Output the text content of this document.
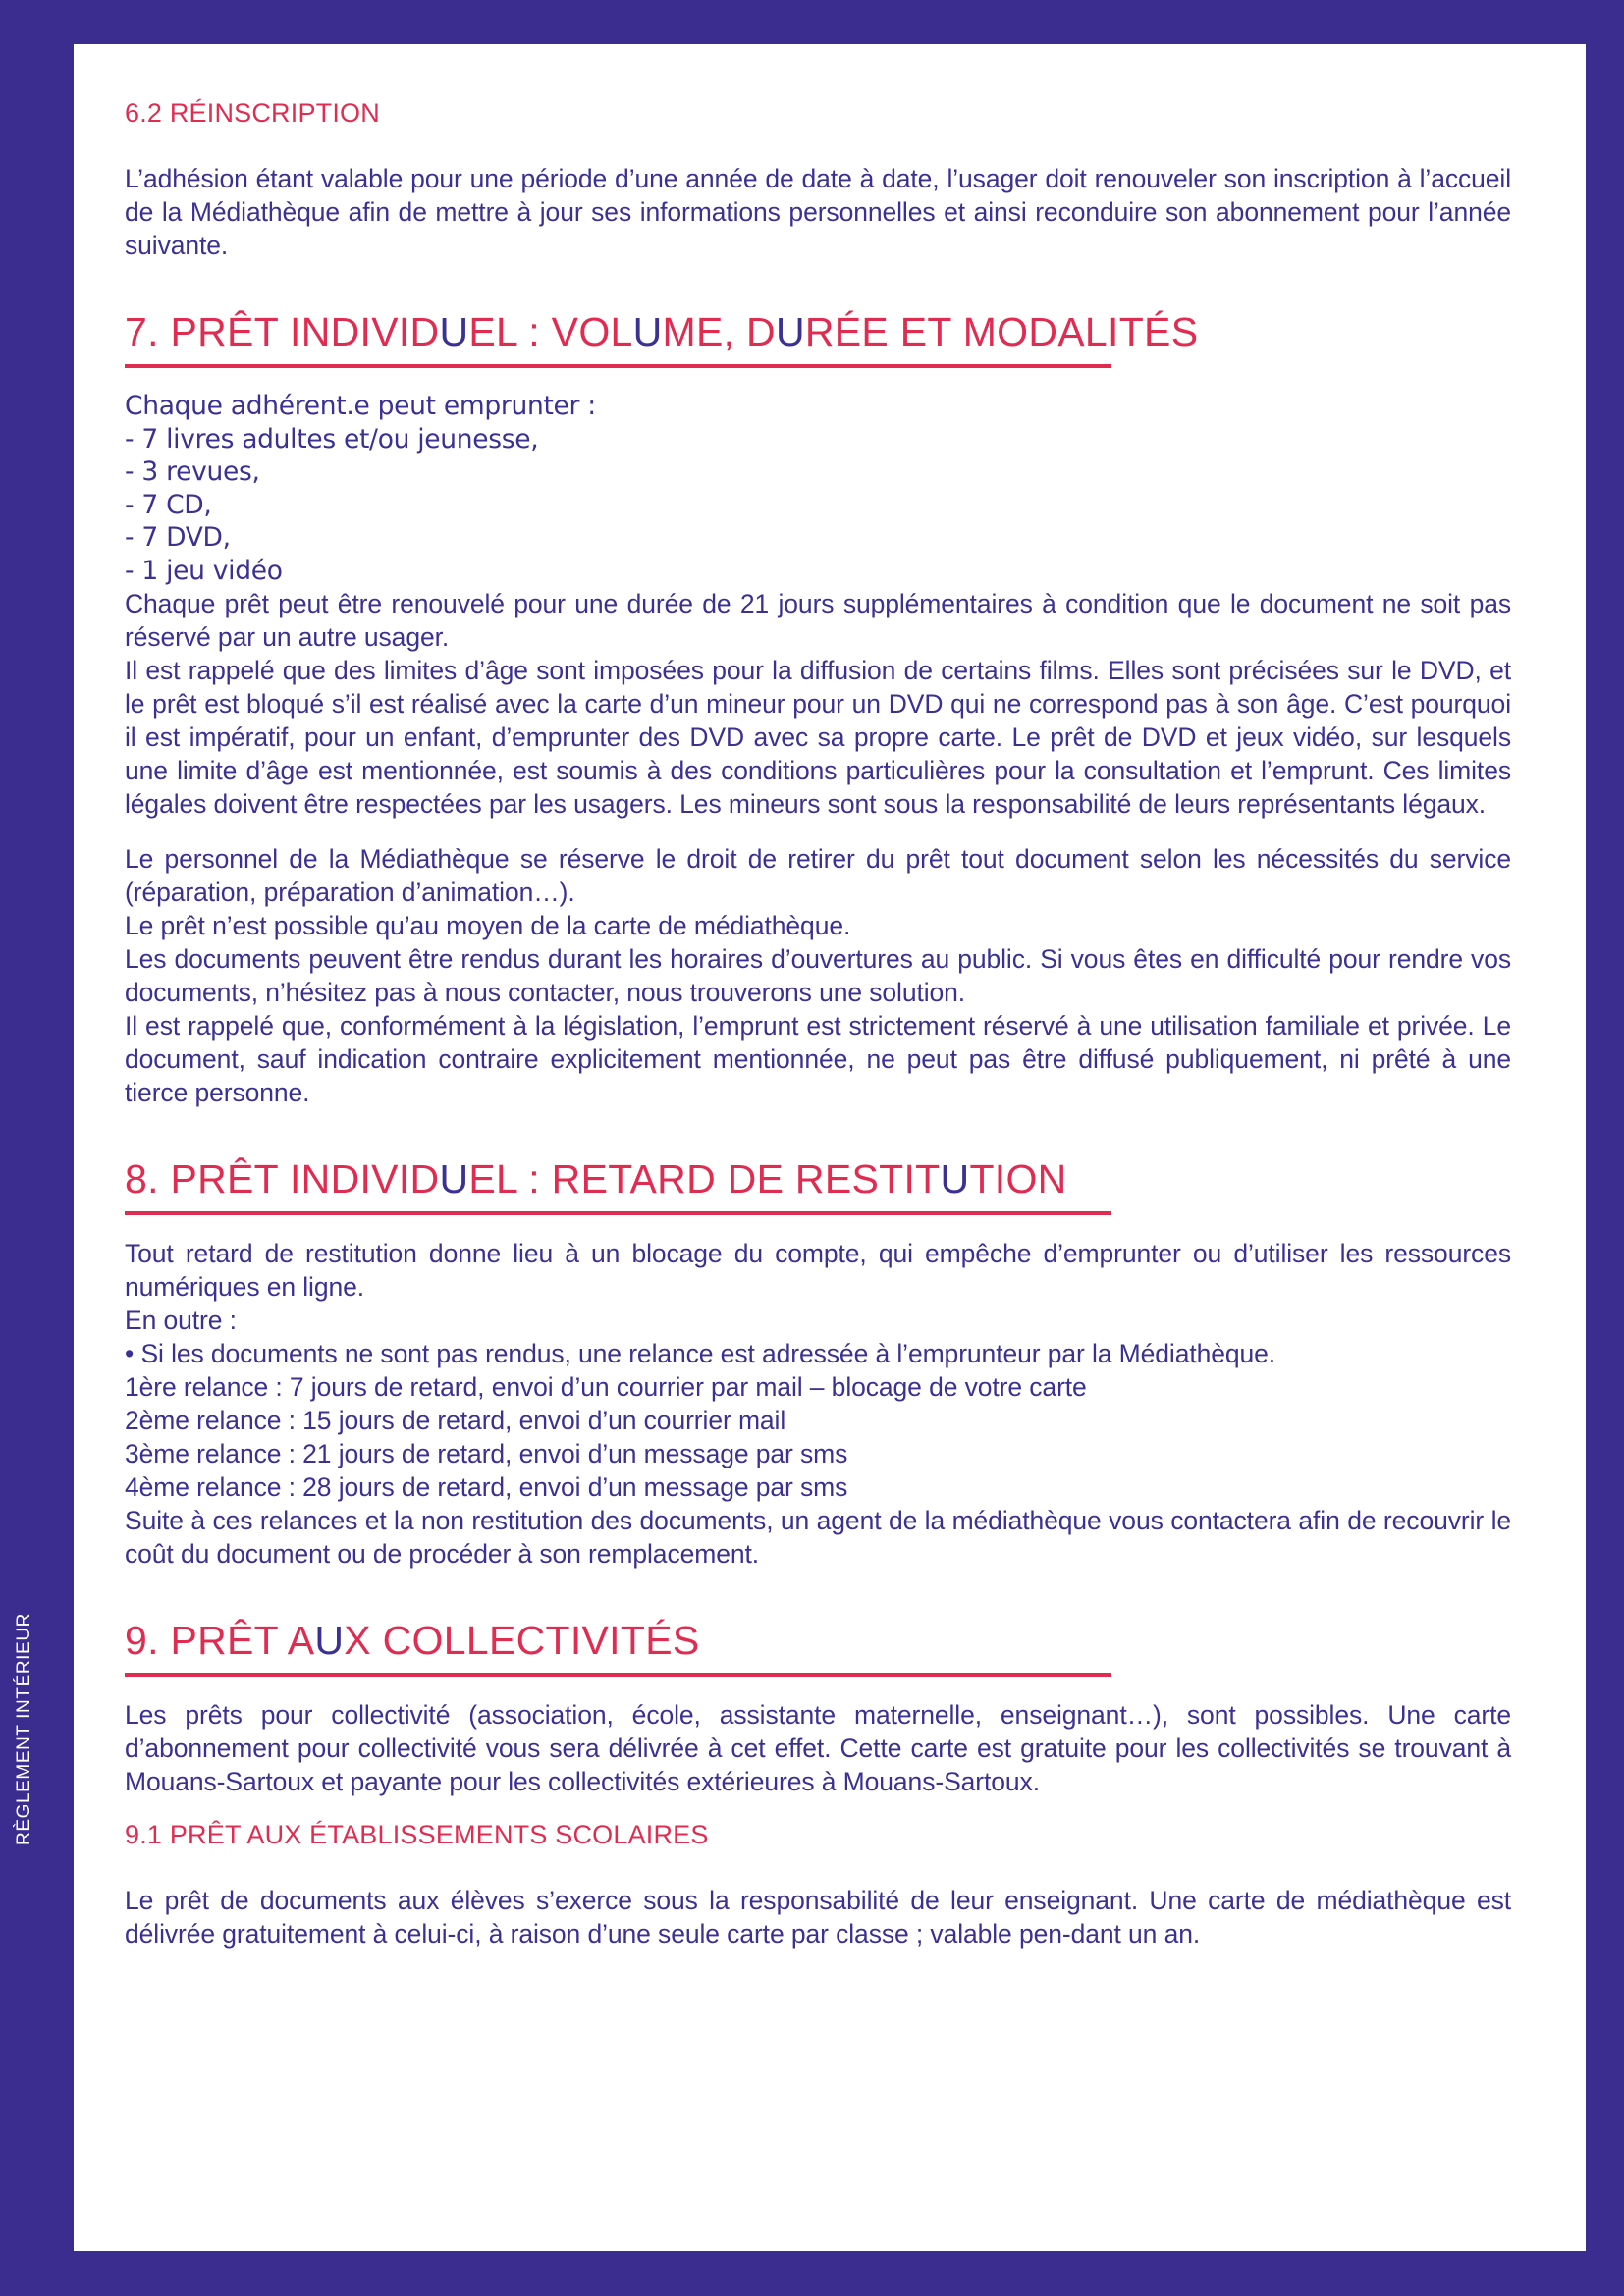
RÈGLEMENT INTÉRIEUR
6.2 RÉINSCRIPTION

L’adhésion étant valable pour une période d’une année de date à date, l’usager doit renouveler son inscription à l’accueil de la Médiathèque afin de mettre à jour ses informations personnelles et ainsi reconduire son abonnement pour l’année suivante.

7. PRÊT INDIVIDUEL : VOLUME, DURÉE ET MODALITÉS

Chaque adhérent.e peut emprunter :

- 7 livres adultes et/ou jeunesse,

- 3 revues,

- 7 CD,

- 7 DVD,

- 1 jeu vidéo

Chaque prêt peut être renouvelé pour une durée de 21 jours supplémentaires à condition que le document ne soit pas réservé par un autre usager.

Il est rappelé que des limites d’âge sont imposées pour la diffusion de certains films. Elles sont précisées sur le DVD, et le prêt est bloqué s’il est réalisé avec la carte d’un mineur pour un DVD qui ne correspond pas à son âge. C’est pourquoi il est impératif, pour un enfant, d’emprunter des DVD avec sa propre carte. Le prêt de DVD et jeux vidéo, sur lesquels une limite d’âge est mentionnée, est soumis à des conditions particulières pour la consultation et l’emprunt. Ces limites légales doivent être respectées par les usagers. Les mineurs sont sous la responsabilité de leurs représentants légaux.

Le personnel de la Médiathèque se réserve le droit de retirer du prêt tout document selon les nécessités du service (réparation, préparation d’animation…).

Le prêt n’est possible qu’au moyen de la carte de médiathèque.

Les documents peuvent être rendus durant les horaires d’ouvertures au public. Si vous êtes en difficulté pour rendre vos documents, n’hésitez pas à nous contacter, nous trouverons une solution.

Il est rappelé que, conformément à la législation, l’emprunt est strictement réservé à une utilisation familiale et privée. Le document, sauf indication contraire explicitement mentionnée, ne peut pas être diffusé publiquement, ni prêté à une tierce personne.

8. PRÊT INDIVIDUEL : RETARD DE RESTITUTION

Tout retard de restitution donne lieu à un blocage du compte, qui empêche d’emprunter ou d’utiliser les ressources numériques en ligne.

En outre :

• Si les documents ne sont pas rendus, une relance est adressée à l’emprunteur par la Médiathèque.

1ère relance : 7 jours de retard, envoi d’un courrier par mail – blocage de votre carte

2ème relance : 15 jours de retard, envoi d’un courrier mail

3ème relance : 21 jours de retard, envoi d’un message par sms

4ème relance : 28 jours de retard, envoi d’un message par sms

Suite à ces relances et la non restitution des documents, un agent de la médiathèque vous contactera afin de recouvrir le coût du document ou de procéder à son remplacement.

9. PRÊT AUX COLLECTIVITÉS

Les prêts pour collectivité (association, école, assistante maternelle, enseignant…), sont possibles. Une carte d’abonnement pour collectivité vous sera délivrée à cet effet. Cette carte est gratuite pour les collectivités se trouvant à Mouans-Sartoux et payante pour les collectivités extérieures à Mouans-Sartoux.

9.1 PRÊT AUX ÉTABLISSEMENTS SCOLAIRES

Le prêt de documents aux élèves s’exerce sous la responsabilité de leur enseignant. Une carte de médiathèque est délivrée gratuitement à celui-ci, à raison d’une seule carte par classe ; valable pen-dant un an.
